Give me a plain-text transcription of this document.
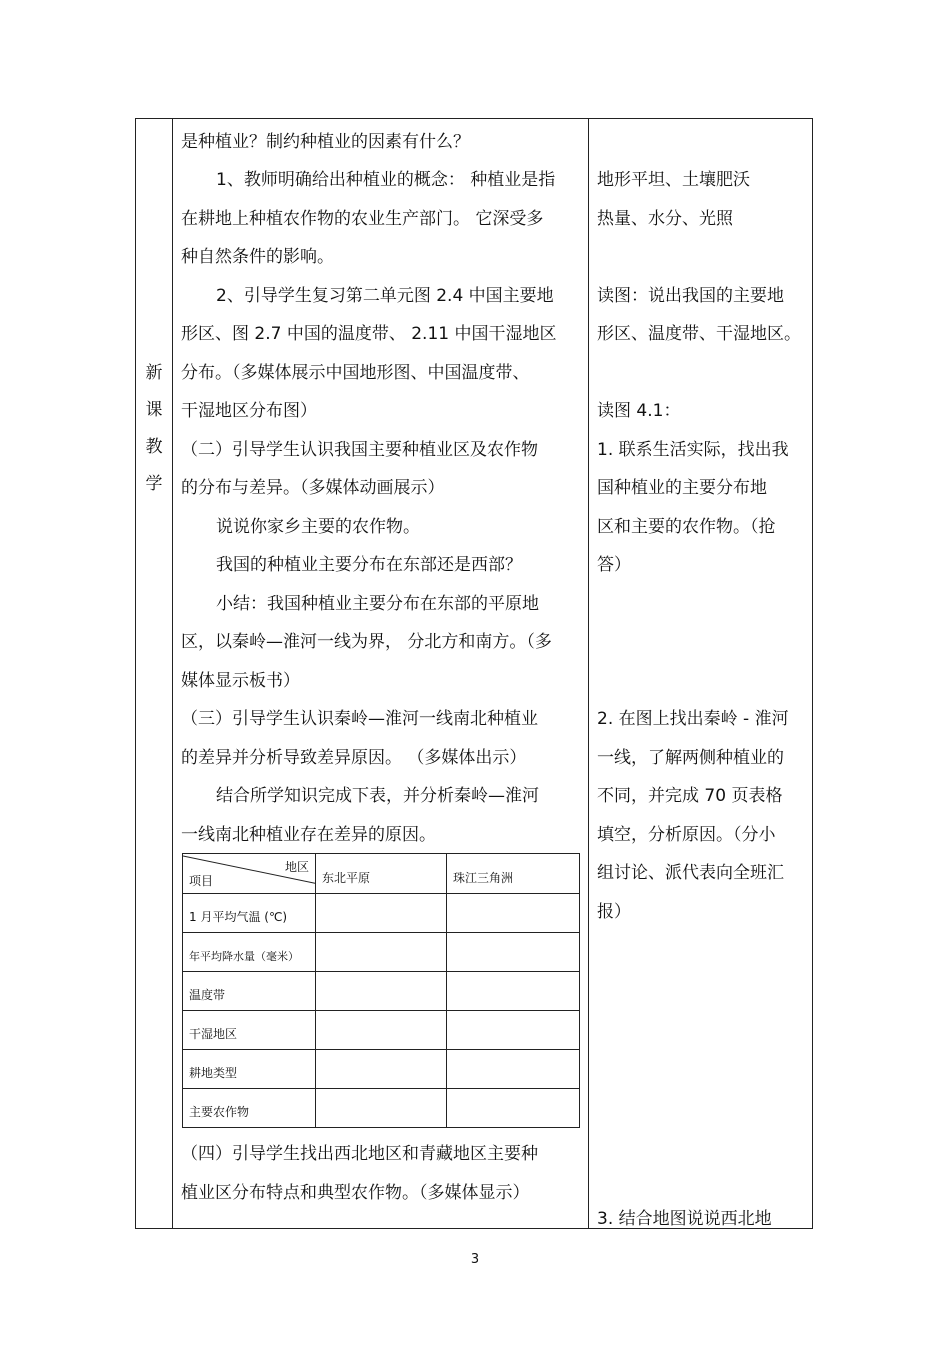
新
课
教
学
是种植业？制约种植业的因素有什么？
1、教师明确给出种植业的概念： 种植业是指
在耕地上种植农作物的农业生产部门。 它深受多
种自然条件的影响。
2、引导学生复习第二单元图 2.4 中国主要地
形区、图 2.7 中国的温度带、 2.11 中国干湿地区
分布。（多媒体展示中国地形图、中国温度带、
干湿地区分布图）
（二）引导学生认识我国主要种植业区及农作物
的分布与差异。（多媒体动画展示）
说说你家乡主要的农作物。
我国的种植业主要分布在东部还是西部？
小结：我国种植业主要分布在东部的平原地
区，以秦岭—淮河一线为界， 分北方和南方。（多
媒体显示板书）
（三）引导学生认识秦岭—淮河一线南北种植业
的差异并分析导致差异原因。 （多媒体出示）
结合所学知识完成下表，并分析秦岭—淮河
一线南北种植业存在差异的原因。
（四）引导学生找出西北地区和青藏地区主要种
植业区分布特点和典型农作物。（多媒体显示）
地形平坦、土壤肥沃
热量、水分、光照
读图：说出我国的主要地
形区、温度带、干湿地区。
读图 4.1：
1. 联系生活实际，找出我
国种植业的主要分布地
区和主要的农作物。（抢
答）
2. 在图上找出秦岭 - 淮河
一线，了解两侧种植业的
不同，并完成 70 页表格
填空，分析原因。（分小
组讨论、派代表向全班汇
报）
3. 结合地图说说西北地
地区
项目	东北平原	珠江三角洲

1 月平均气温 (℃)		

年平均降水量（毫米）		

温度带		

干湿地区		

耕地类型		

主要农作物		

3
